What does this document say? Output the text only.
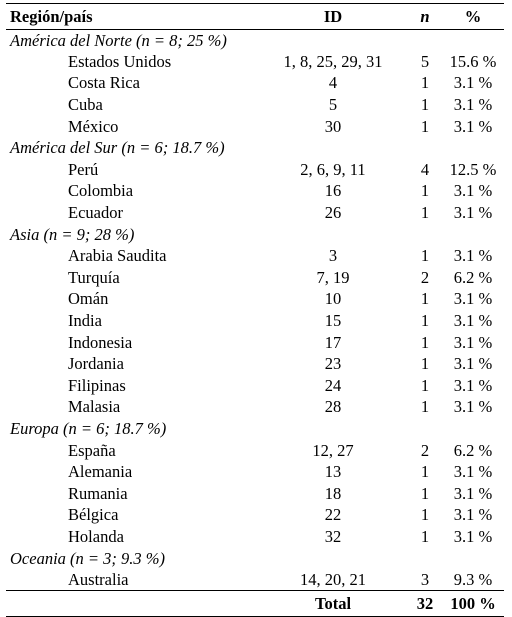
Región/país	ID	n	%
América del Norte (n = 8; 25 %)			
Estados Unidos	1, 8, 25, 29, 31	5	15.6 %
Costa Rica	4	1	3.1 %
Cuba	5	1	3.1 %
México	30	1	3.1 %
América del Sur (n = 6; 18.7 %)			
Perú	2, 6, 9, 11	4	12.5 %
Colombia	16	1	3.1 %
Ecuador	26	1	3.1 %
Asia (n = 9; 28 %)			
Arabia Saudita	3	1	3.1 %
Turquía	7, 19	2	6.2 %
Omán	10	1	3.1 %
India	15	1	3.1 %
Indonesia	17	1	3.1 %
Jordania	23	1	3.1 %
Filipinas	24	1	3.1 %
Malasia	28	1	3.1 %
Europa (n = 6; 18.7 %)			
España	12, 27	2	6.2 %
Alemania	13	1	3.1 %
Rumania	18	1	3.1 %
Bélgica	22	1	3.1 %
Holanda	32	1	3.1 %
Oceania (n = 3; 9.3 %)			
Australia	14, 20, 21	3	9.3 %
	Total	32	100 %
